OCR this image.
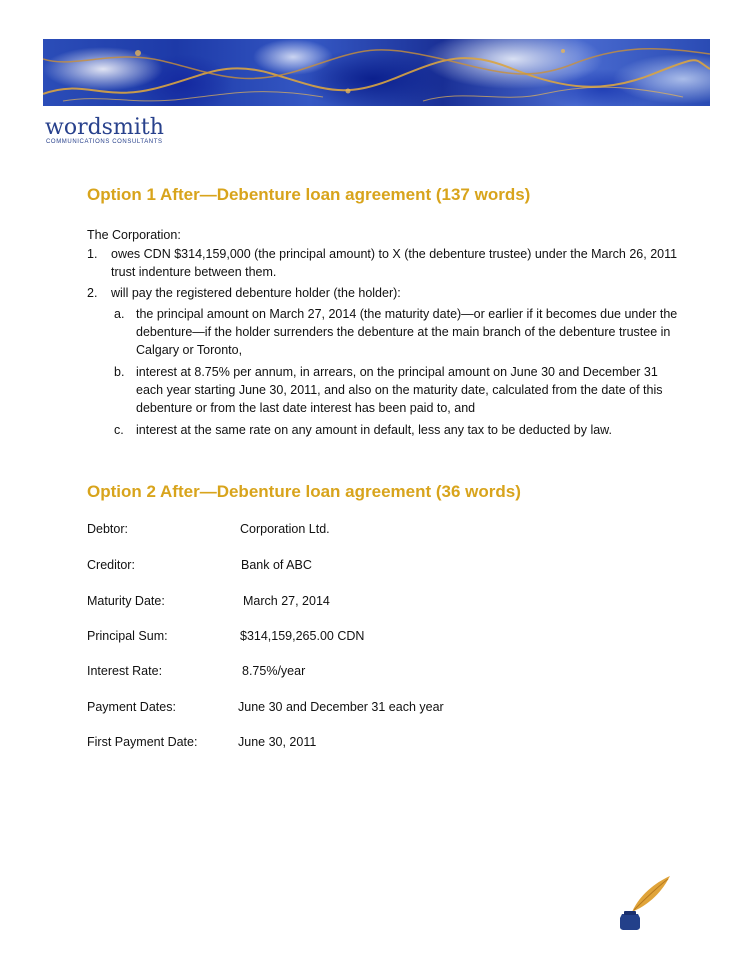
wordsmith
COMMUNICATIONS CONSULTANTS
Option 1 After—Debenture loan agreement (137 words)

The Corporation:

1. owes CDN $314,159,000 (the principal amount) to X (the debenture trustee) under the March 26, 2011 trust indenture between them.
2. will pay the registered debenture holder (the holder):
a. the principal amount on March 27, 2014 (the maturity date)—or earlier if it becomes due under the debenture—if the holder surrenders the debenture at the main branch of the debenture trustee in Calgary or Toronto,
b. interest at 8.75% per annum, in arrears, on the principal amount on June 30 and December 31 each year starting June 30, 2011, and also on the maturity date, calculated from the date of this debenture or from the last date interest has been paid to, and
c. interest at the same rate on any amount in default, less any tax to be deducted by law.
Option 2 After—Debenture loan agreement (36 words)
Debtor:	Corporation Ltd.
Creditor:	Bank of ABC
Maturity Date:	March 27, 2014
Principal Sum:	$314,159,265.00 CDN
Interest Rate:	8.75%/year
Payment Dates:	June 30 and December 31 each year
First Payment Date:	June 30, 2011
